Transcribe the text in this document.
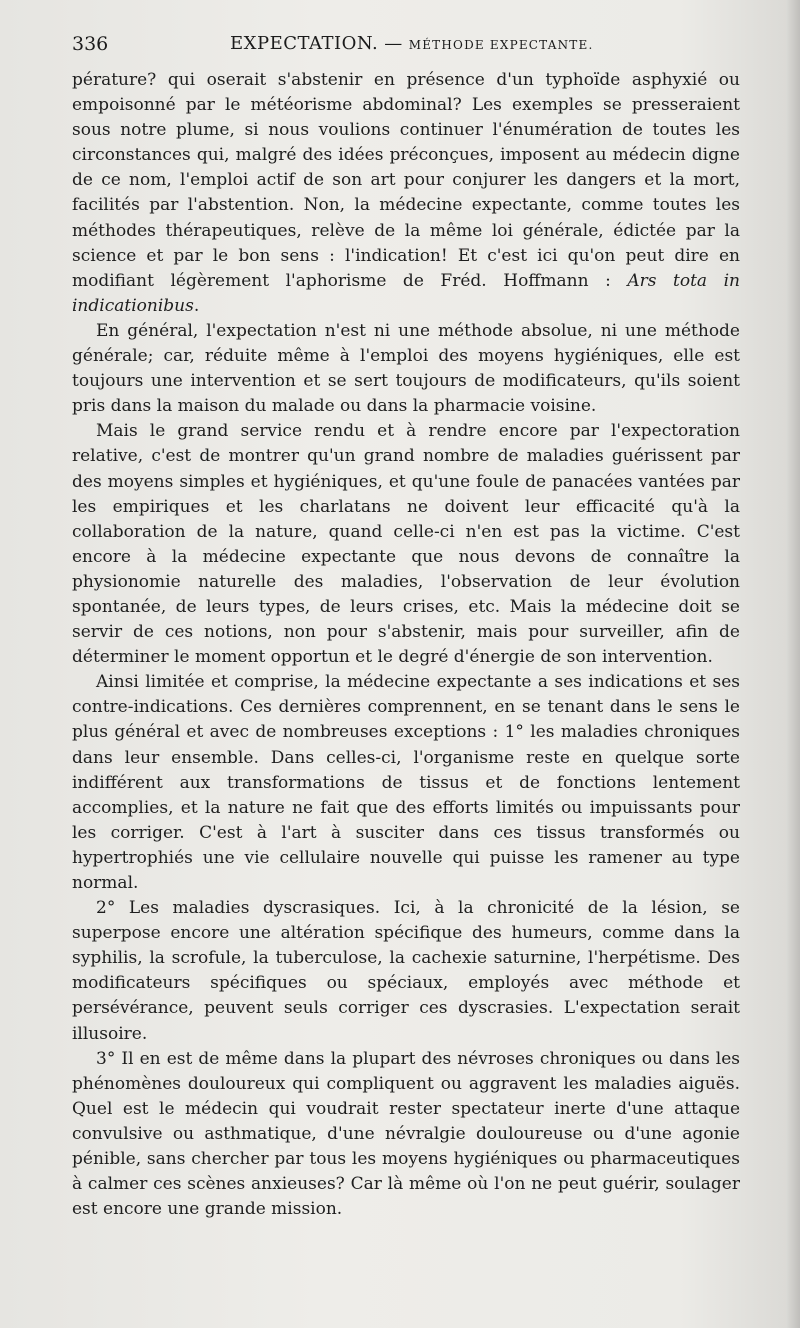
336	EXPECTATION. — MÉTHODE EXPECTANTE.

pérature? qui oserait s'abstenir en présence d'un typhoïde asphyxié ou empoisonné par le météorisme abdominal? Les exemples se presseraient sous notre plume, si nous voulions continuer l'énumération de toutes les circonstances qui, malgré des idées préconçues, imposent au médecin digne de ce nom, l'emploi actif de son art pour conjurer les dangers et la mort, facilités par l'abstention. Non, la médecine expectante, comme toutes les méthodes thérapeutiques, relève de la même loi générale, édictée par la science et par le bon sens : l'indication! Et c'est ici qu'on peut dire en modifiant légèrement l'aphorisme de Fréd. Hoffmann : Ars tota in indicationibus.

En général, l'expectation n'est ni une méthode absolue, ni une méthode générale; car, réduite même à l'emploi des moyens hygiéniques, elle est toujours une intervention et se sert toujours de modificateurs, qu'ils soient pris dans la maison du malade ou dans la pharmacie voisine.

Mais le grand service rendu et à rendre encore par l'expectoration relative, c'est de montrer qu'un grand nombre de maladies guérissent par des moyens simples et hygiéniques, et qu'une foule de panacées vantées par les empiriques et les charlatans ne doivent leur efficacité qu'à la collaboration de la nature, quand celle-ci n'en est pas la victime. C'est encore à la médecine expectante que nous devons de connaître la physionomie naturelle des maladies, l'observation de leur évolution spontanée, de leurs types, de leurs crises, etc. Mais la médecine doit se servir de ces notions, non pour s'abstenir, mais pour surveiller, afin de déterminer le moment opportun et le degré d'énergie de son intervention.

Ainsi limitée et comprise, la médecine expectante a ses indications et ses contre-indications. Ces dernières comprennent, en se tenant dans le sens le plus général et avec de nombreuses exceptions : 1° les maladies chroniques dans leur ensemble. Dans celles-ci, l'organisme reste en quelque sorte indifférent aux transformations de tissus et de fonctions lentement accomplies, et la nature ne fait que des efforts limités ou impuissants pour les corriger. C'est à l'art à susciter dans ces tissus transformés ou hypertrophiés une vie cellulaire nouvelle qui puisse les ramener au type normal.

2° Les maladies dyscrasiques. Ici, à la chronicité de la lésion, se superpose encore une altération spécifique des humeurs, comme dans la syphilis, la scrofule, la tuberculose, la cachexie saturnine, l'herpétisme. Des modificateurs spécifiques ou spéciaux, employés avec méthode et persévérance, peuvent seuls corriger ces dyscrasies. L'expectation serait illusoire.

3° Il en est de même dans la plupart des névroses chroniques ou dans les phénomènes douloureux qui compliquent ou aggravent les maladies aiguës. Quel est le médecin qui voudrait rester spectateur inerte d'une attaque convulsive ou asthmatique, d'une névralgie douloureuse ou d'une agonie pénible, sans chercher par tous les moyens hygiéniques ou pharmaceutiques à calmer ces scènes anxieuses? Car là même où l'on ne peut guérir, soulager est encore une grande mission.
